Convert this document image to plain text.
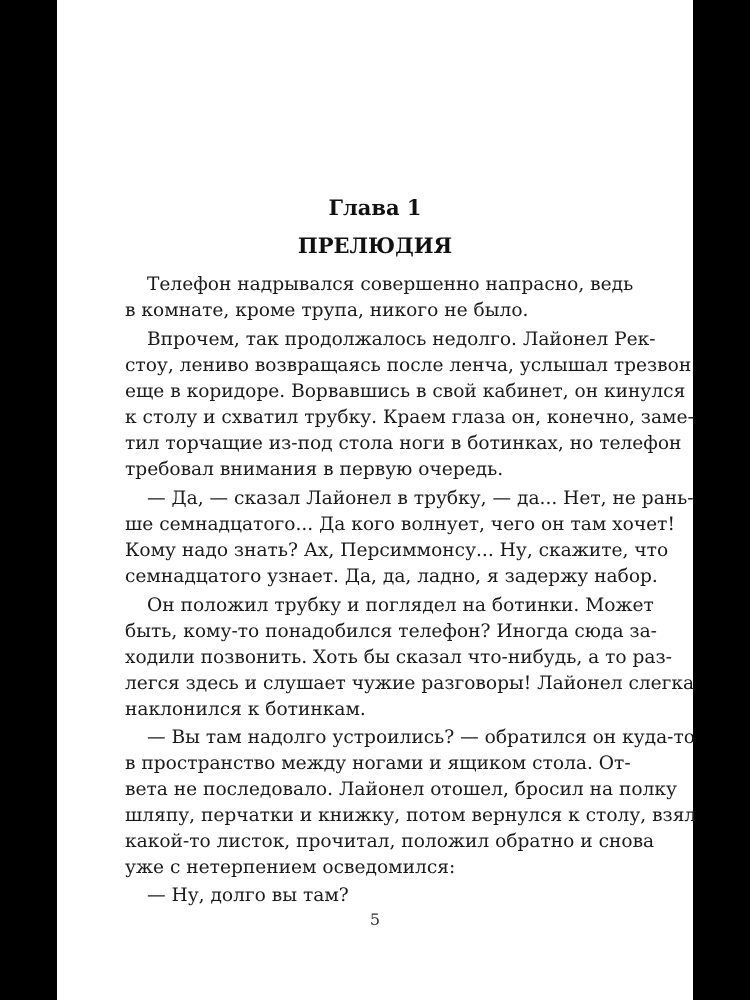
Глава 1
ПРЕЛЮДИЯ
Телефон надрывался совершенно напрасно, ведь
в комнате, кроме трупа, никого не было.
Впрочем, так продолжалось недолго. Лайонел Рек-
стоу, лениво возвращаясь после ленча, услышал трезвон
еще в коридоре. Ворвавшись в свой кабинет, он кинулся
к столу и схватил трубку. Краем глаза он, конечно, заме-
тил торчащие из-под стола ноги в ботинках, но телефон
требовал внимания в первую очередь.
— Да, — сказал Лайонел в трубку, — да... Нет, не рань-
ше семнадцатого... Да кого волнует, чего он там хочет!
Кому надо знать? Ах, Персиммонсу... Ну, скажите, что
семнадцатого узнает. Да, да, ладно, я задержу набор.
Он положил трубку и поглядел на ботинки. Может
быть, кому-то понадобился телефон? Иногда сюда за-
ходили позвонить. Хоть бы сказал что-нибудь, а то раз-
легся здесь и слушает чужие разговоры! Лайонел слегка
наклонился к ботинкам.
— Вы там надолго устроились? — обратился он куда-то
в пространство между ногами и ящиком стола. От-
вета не последовало. Лайонел отошел, бросил на полку
шляпу, перчатки и книжку, потом вернулся к столу, взял
какой-то листок, прочитал, положил обратно и снова
уже с нетерпением осведомился:
— Ну, долго вы там?
5
